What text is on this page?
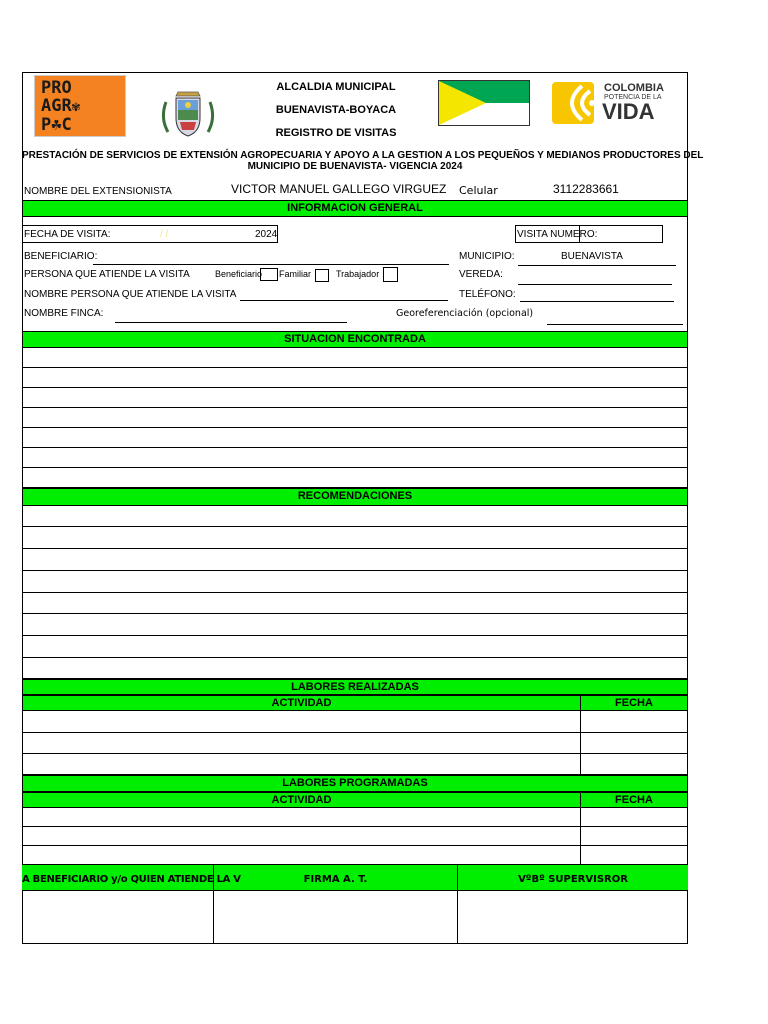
PRO
AGR✾
P☘C
ALCALDIA MUNICIPAL
BUENAVISTA-BOYACA
REGISTRO DE VISITAS
COLOMBIA
POTENCIA DE LA
VIDA
PRESTACIÓN DE SERVICIOS DE EXTENSIÓN AGROPECUARIA Y APOYO A LA GESTION A LOS PEQUEÑOS Y MEDIANOS PRODUCTORES DEL
MUNICIPIO DE BUENAVISTA- VIGENCIA 2024
NOMBRE DEL EXTENSIONISTA	VICTOR MANUEL GALLEGO VIRGUEZ Celular	3112283661
INFORMACION GENERAL
FECHA DE VISITA:	/ /	2024	VISITA NUMERO:
BENEFICIARIO:	MUNICIPIO:	BUENAVISTA
PERSONA QUE ATIENDE LA VISITA	Beneficiario Familiar	Trabajador	VEREDA:
NOMBRE PERSONA QUE ATIENDE LA VISITA	TELÉFONO:
NOMBRE FINCA:	Georeferenciación (opcional)
SITUACION ENCONTRADA
RECOMENDACIONES
LABORES REALIZADAS
ACTIVIDAD	FECHA
LABORES PROGRAMADAS
ACTIVIDAD	FECHA
A BENEFICIARIO y/o QUIEN ATIENDE LA V	FIRMA A. T.	VºBº SUPERVISROR
